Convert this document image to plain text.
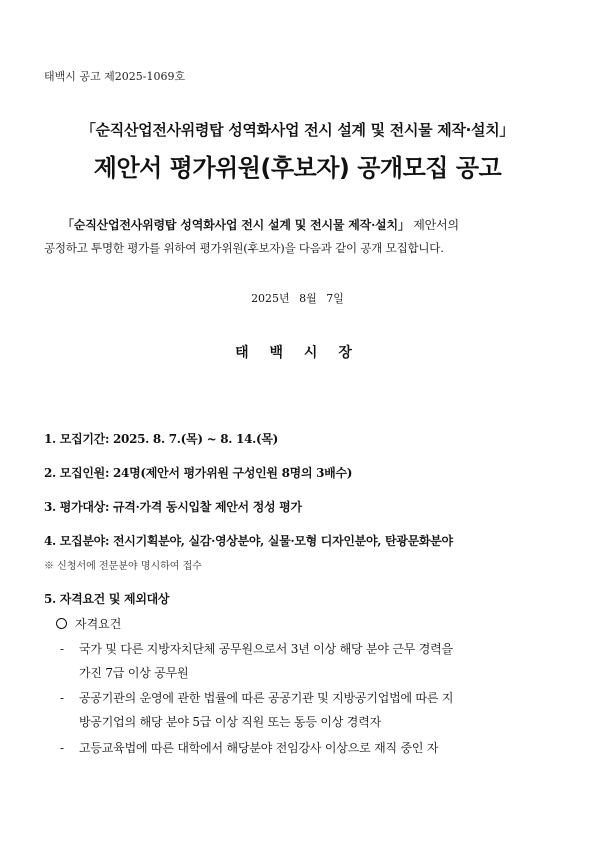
태백시 공고 제2025-1069호
「순직산업전사위령탑 성역화사업 전시 설계 및 전시물 제작·설치」
제안서 평가위원(후보자) 공개모집 공고
「순직산업전사위령탑 성역화사업 전시 설계 및 전시물 제작·설치」 제안서의
공정하고 투명한 평가를 위하여 평가위원(후보자)을 다음과 같이 공개 모집합니다.
2025년 8월 7일
태 백 시 장
1. 모집기간: 2025. 8. 7.(목) ~ 8. 14.(목)
2. 모집인원: 24명(제안서 평가위원 구성인원 8명의 3배수)
3. 평가대상: 규격·가격 동시입찰 제안서 정성 평가
4. 모집분야: 전시기획분야, 실감·영상분야, 실물·모형 디자인분야, 탄광문화분야
※ 신청서에 전문분야 명시하여 접수
5. 자격요건 및 제외대상
자격요건
- 국가 및 다른 지방자치단체 공무원으로서 3년 이상 해당 분야 근무 경력을
가진 7급 이상 공무원
- 공공기관의 운영에 관한 법률에 따른 공공기관 및 지방공기업법에 따른 지
방공기업의 해당 분야 5급 이상 직원 또는 동등 이상 경력자
- 고등교육법에 따른 대학에서 해당분야 전임강사 이상으로 재직 중인 자
